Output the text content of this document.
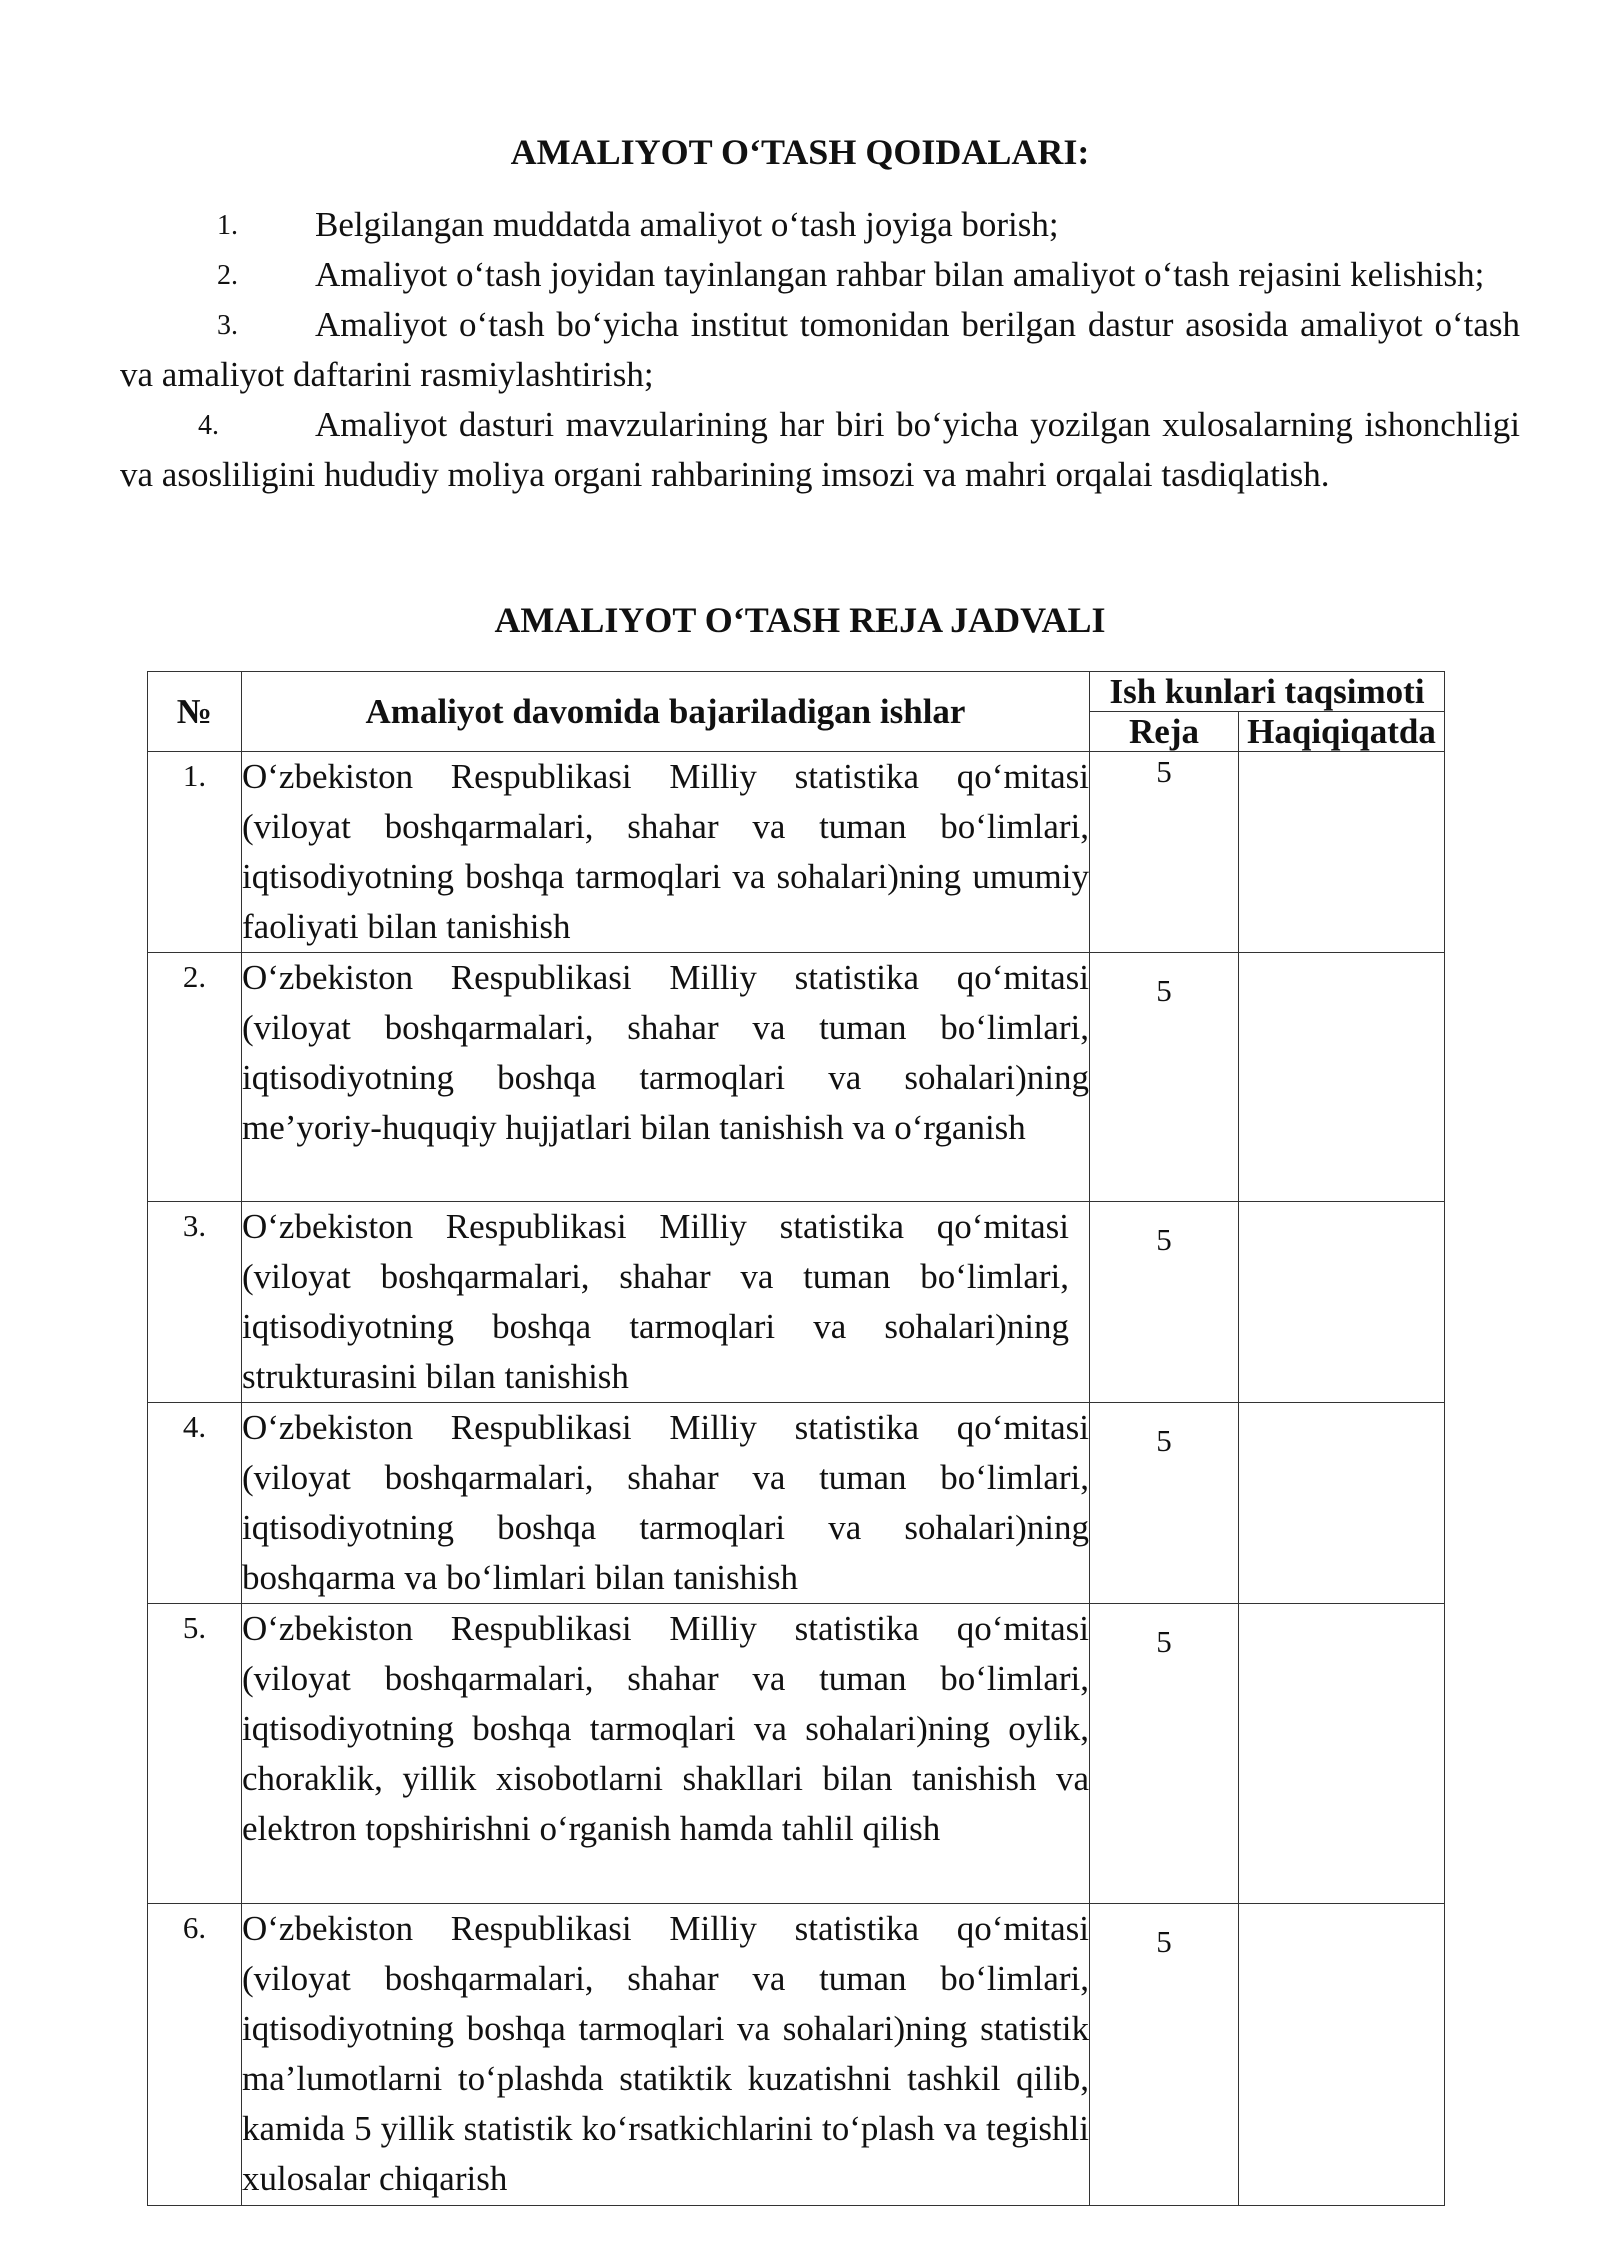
AMALIYOT O‘TASH QOIDALARI:

1.	Belgilangan muddatda amaliyot o‘tash joyiga borish;

2.	Amaliyot o‘tash joyidan tayinlangan rahbar bilan amaliyot o‘tash rejasini kelishish;

3.	Amaliyot o‘tash bo‘yicha institut tomonidan berilgan dastur asosida amaliyot o‘tash va amaliyot daftarini rasmiylashtirish;

4.	Amaliyot dasturi mavzularining har biri bo‘yicha yozilgan xulosalarning ishonchligi va asosliligini hududiy moliya organi rahbarining imsozi va mahri orqalai tasdiqlatish.

AMALIYOT O‘TASH REJA JADVALI
№	Amaliyot davomida bajariladigan ishlar	Ish kunlari taqsimoti	
		Reja	Haqiqiqatda
1.	O‘zbekiston Respublikasi Milliy statistika qo‘mitasi (viloyat boshqarmalari, shahar va tuman bo‘limlari, iqtisodiyotning boshqa tarmoqlari va sohalari)ning umumiy faoliyati bilan tanishish	5	
2.	O‘zbekiston Respublikasi Milliy statistika qo‘mitasi (viloyat boshqarmalari, shahar va tuman bo‘limlari, iqtisodiyotning boshqa tarmoqlari va sohalari)ning me’yoriy-huquqiy hujjatlari bilan tanishish va o‘rganish	5	
3.	O‘zbekiston Respublikasi Milliy statistika qo‘mitasi (viloyat boshqarmalari, shahar va tuman bo‘limlari, iqtisodiyotning boshqa tarmoqlari va sohalari)ning strukturasini bilan tanishish	5	
4.	O‘zbekiston Respublikasi Milliy statistika qo‘mitasi (viloyat boshqarmalari, shahar va tuman bo‘limlari, iqtisodiyotning boshqa tarmoqlari va sohalari)ning boshqarma va bo‘limlari bilan tanishish	5	
5.	O‘zbekiston Respublikasi Milliy statistika qo‘mitasi (viloyat boshqarmalari, shahar va tuman bo‘limlari, iqtisodiyotning boshqa tarmoqlari va sohalari)ning oylik, choraklik, yillik xisobotlarni shakllari bilan tanishish va elektron topshirishni o‘rganish hamda tahlil qilish	5	
6.	O‘zbekiston Respublikasi Milliy statistika qo‘mitasi (viloyat boshqarmalari, shahar va tuman bo‘limlari, iqtisodiyotning boshqa tarmoqlari va sohalari)ning statistik ma’lumotlarni to‘plashda statiktik kuzatishni tashkil qilib, kamida 5 yillik statistik ko‘rsatkichlarini to‘plash va tegishli xulosalar chiqarish	5	
